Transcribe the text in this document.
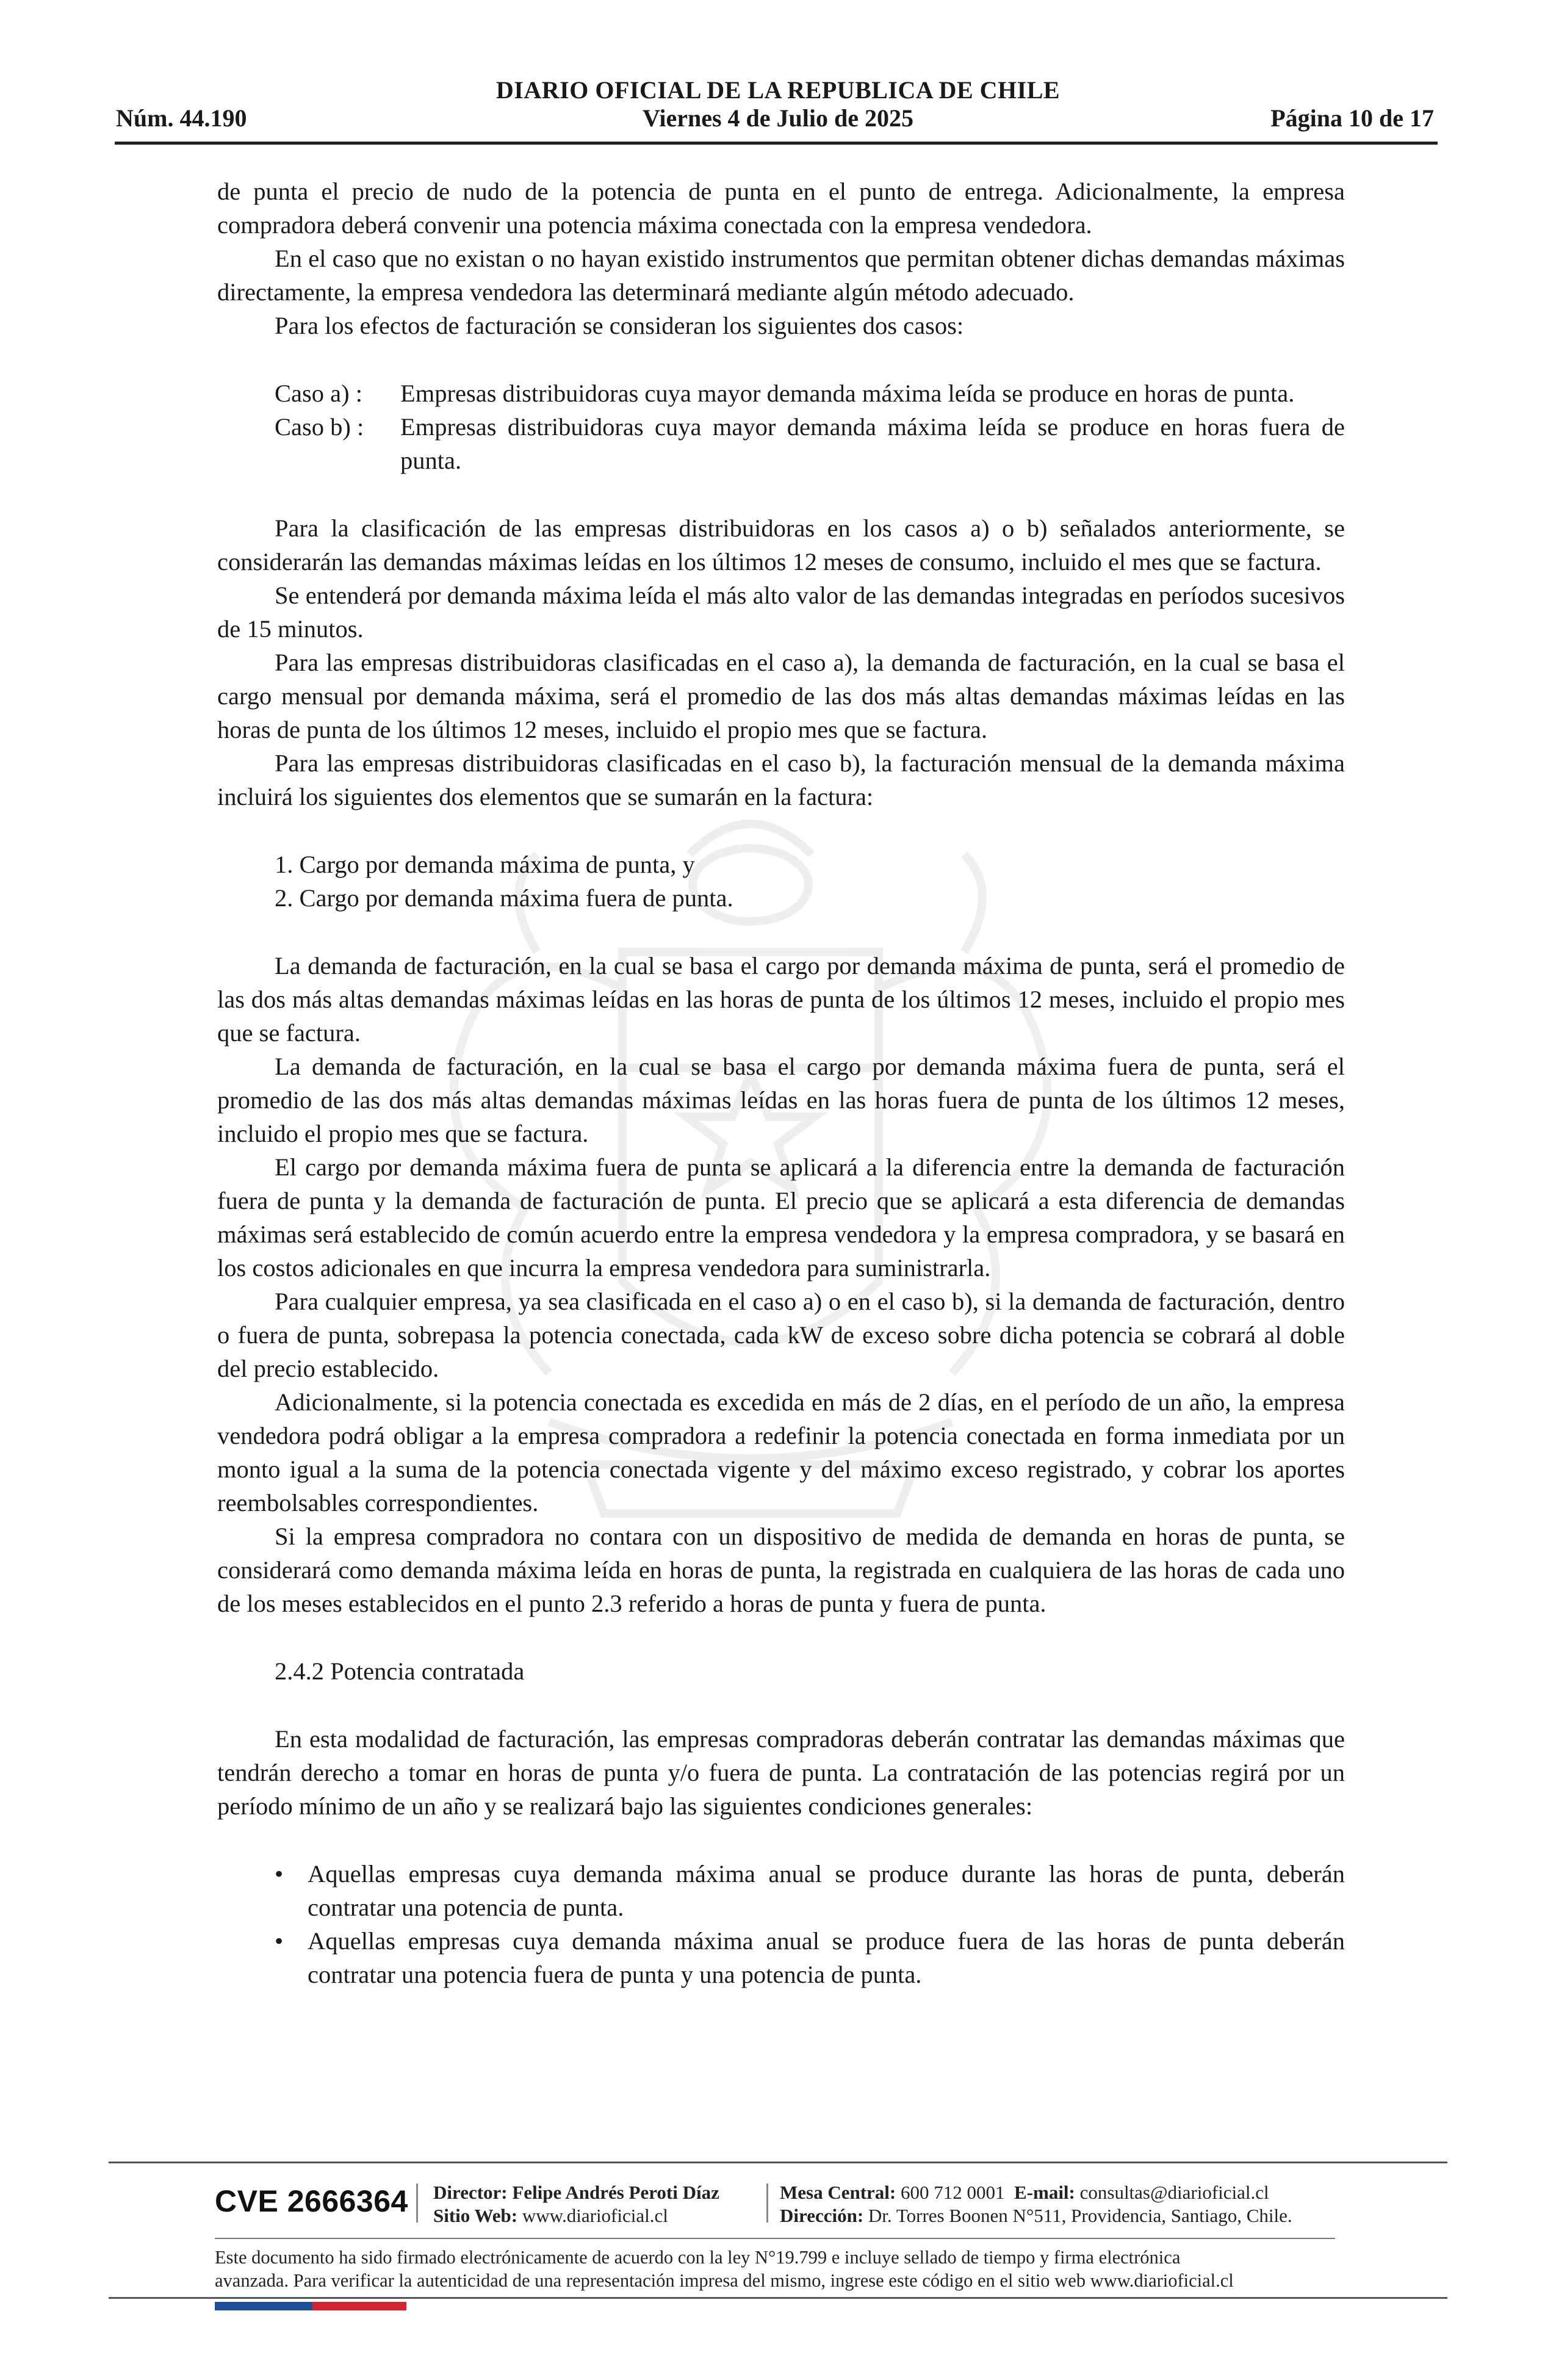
DIARIO OFICIAL DE LA REPUBLICA DE CHILE
Núm. 44.190	Viernes 4 de Julio de 2025	Página 10 de 17

de punta el precio de nudo de la potencia de punta en el punto de entrega. Adicionalmente, la empresa compradora deberá convenir una potencia máxima conectada con la empresa vendedora.

En el caso que no existan o no hayan existido instrumentos que permitan obtener dichas demandas máximas directamente, la empresa vendedora las determinará mediante algún método adecuado.

Para los efectos de facturación se consideran los siguientes dos casos:

Caso a) :	Empresas distribuidoras cuya mayor demanda máxima leída se produce en horas de punta.
Caso b) :	Empresas distribuidoras cuya mayor demanda máxima leída se produce en horas fuera de punta.

Para la clasificación de las empresas distribuidoras en los casos a) o b) señalados anteriormente, se considerarán las demandas máximas leídas en los últimos 12 meses de consumo, incluido el mes que se factura.

Se entenderá por demanda máxima leída el más alto valor de las demandas integradas en períodos sucesivos de 15 minutos.

Para las empresas distribuidoras clasificadas en el caso a), la demanda de facturación, en la cual se basa el cargo mensual por demanda máxima, será el promedio de las dos más altas demandas máximas leídas en las horas de punta de los últimos 12 meses, incluido el propio mes que se factura.

Para las empresas distribuidoras clasificadas en el caso b), la facturación mensual de la demanda máxima incluirá los siguientes dos elementos que se sumarán en la factura:

1. Cargo por demanda máxima de punta, y

2. Cargo por demanda máxima fuera de punta.

La demanda de facturación, en la cual se basa el cargo por demanda máxima de punta, será el promedio de las dos más altas demandas máximas leídas en las horas de punta de los últimos 12 meses, incluido el propio mes que se factura.

La demanda de facturación, en la cual se basa el cargo por demanda máxima fuera de punta, será el promedio de las dos más altas demandas máximas leídas en las horas fuera de punta de los últimos 12 meses, incluido el propio mes que se factura.

El cargo por demanda máxima fuera de punta se aplicará a la diferencia entre la demanda de facturación fuera de punta y la demanda de facturación de punta. El precio que se aplicará a esta diferencia de demandas máximas será establecido de común acuerdo entre la empresa vendedora y la empresa compradora, y se basará en los costos adicionales en que incurra la empresa vendedora para suministrarla.

Para cualquier empresa, ya sea clasificada en el caso a) o en el caso b), si la demanda de facturación, dentro o fuera de punta, sobrepasa la potencia conectada, cada kW de exceso sobre dicha potencia se cobrará al doble del precio establecido.

Adicionalmente, si la potencia conectada es excedida en más de 2 días, en el período de un año, la empresa vendedora podrá obligar a la empresa compradora a redefinir la potencia conectada en forma inmediata por un monto igual a la suma de la potencia conectada vigente y del máximo exceso registrado, y cobrar los aportes reembolsables correspondientes.

Si la empresa compradora no contara con un dispositivo de medida de demanda en horas de punta, se considerará como demanda máxima leída en horas de punta, la registrada en cualquiera de las horas de cada uno de los meses establecidos en el punto 2.3 referido a horas de punta y fuera de punta.

2.4.2 Potencia contratada

En esta modalidad de facturación, las empresas compradoras deberán contratar las demandas máximas que tendrán derecho a tomar en horas de punta y/o fuera de punta. La contratación de las potencias regirá por un período mínimo de un año y se realizará bajo las siguientes condiciones generales:

• Aquellas empresas cuya demanda máxima anual se produce durante las horas de punta, deberán contratar una potencia de punta.
• Aquellas empresas cuya demanda máxima anual se produce fuera de las horas de punta deberán contratar una potencia fuera de punta y una potencia de punta.
CVE 2666364 Director: Felipe Andrés Peroti Díaz
Sitio Web: www.diarioficial.cl
Mesa Central: 600 712 0001 E-mail: consultas@diarioficial.cl
Dirección: Dr. Torres Boonen N°511, Providencia, Santiago, Chile.
Este documento ha sido firmado electrónicamente de acuerdo con la ley N°19.799 e incluye sellado de tiempo y firma electrónica
avanzada. Para verificar la autenticidad de una representación impresa del mismo, ingrese este código en el sitio web www.diarioficial.cl
